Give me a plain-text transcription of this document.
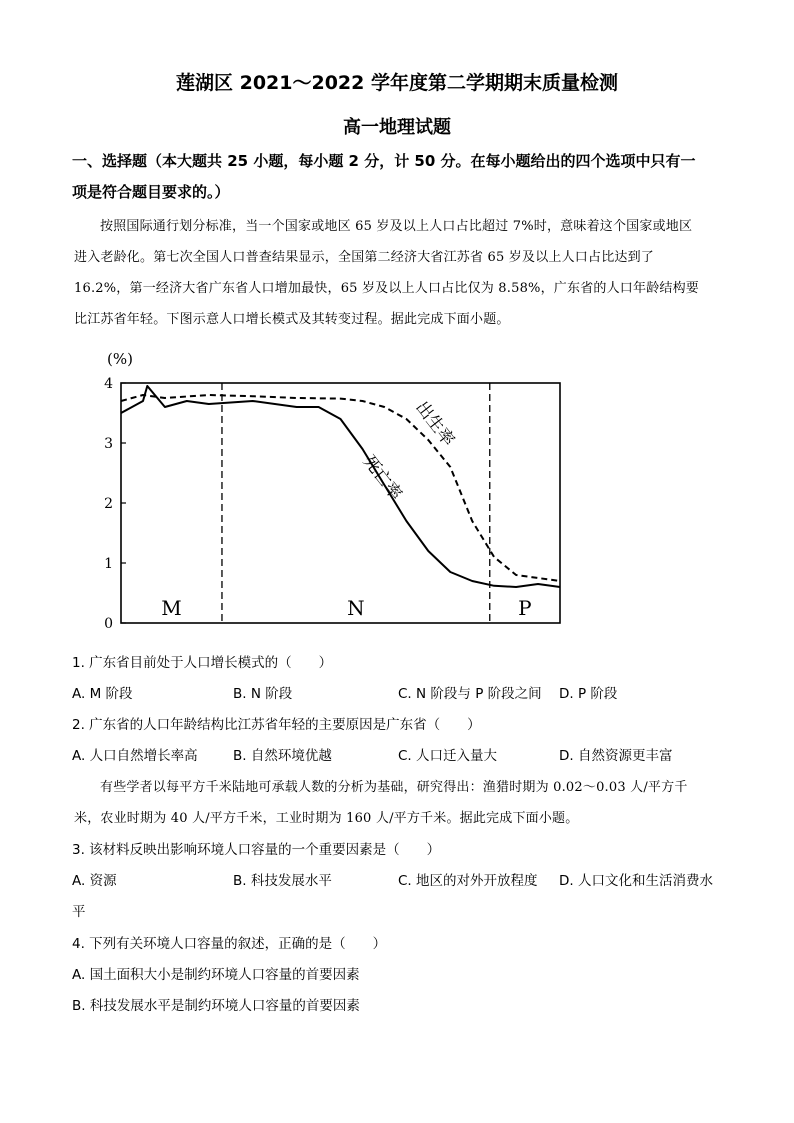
莲湖区 2021～2022 学年度第二学期期末质量检测
高一地理试题
一、选择题（本大题共 25 小题，每小题 2 分，计 50 分。在每小题给出的四个选项中只有一
项是符合题目要求的。）
按照国际通行划分标准，当一个国家或地区 65 岁及以上人口占比超过 7%时，意味着这个国家或地区
进入老龄化。第七次全国人口普查结果显示，全国第二经济大省江苏省 65 岁及以上人口占比达到了
16.2%，第一经济大省广东省人口增加最快，65 岁及以上人口占比仅为 8.58%，广东省的人口年龄结构要
比江苏省年轻。下图示意人口增长模式及其转变过程。据此完成下面小题。
(%)
0
1
2
3
4
M	N	P
出生率
死亡率
1. 广东省目前处于人口增长模式的（　　）
A. M 阶段	B. N 阶段	C. N 阶段与 P 阶段之间 D. P 阶段
2. 广东省的人口年龄结构比江苏省年轻的主要原因是广东省（　　）
A. 人口自然增长率高	B. 自然环境优越	C. 人口迁入量大	D. 自然资源更丰富
有些学者以每平方千米陆地可承载人数的分析为基础，研究得出：渔猎时期为 0.02～0.03 人/平方千
米，农业时期为 40 人/平方千米，工业时期为 160 人/平方千米。据此完成下面小题。
3. 该材料反映出影响环境人口容量的一个重要因素是（　　）
A. 资源	B. 科技发展水平	C. 地区的对外开放程度 D. 人口文化和生活消费水
平
4. 下列有关环境人口容量的叙述，正确的是（　　）
A. 国土面积大小是制约环境人口容量的首要因素
B. 科技发展水平是制约环境人口容量的首要因素
